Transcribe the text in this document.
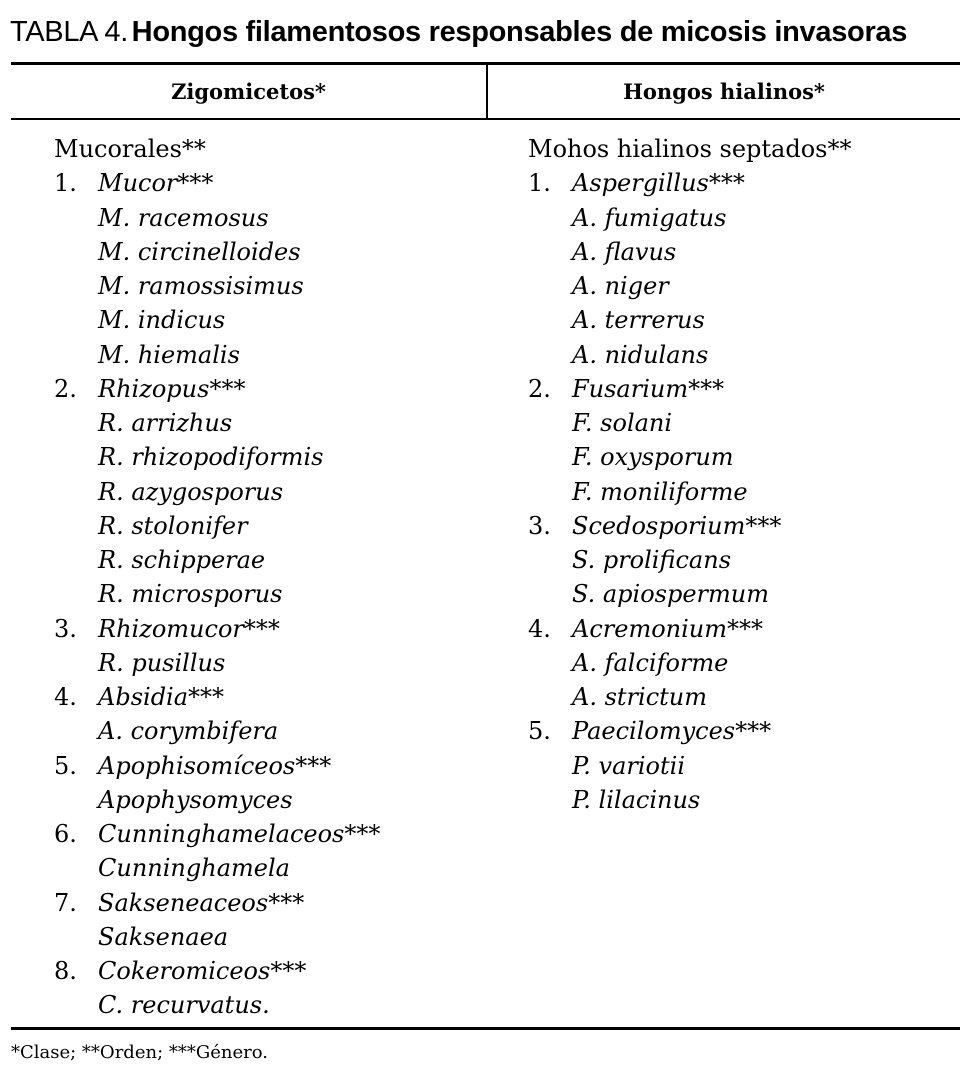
TABLA 4. Hongos filamentosos responsables de micosis invasoras
Zigomicetos*	Hongos hialinos*
Mucorales**
1. Mucor***
M. racemosus
M. circinelloides
M. ramossisimus
M. indicus
M. hiemalis
2. Rhizopus***
R. arrizhus
R. rhizopodiformis
R. azygosporus
R. stolonifer
R. schipperae
R. microsporus
3. Rhizomucor***
R. pusillus
4. Absidia***
A. corymbifera
5. Apophisomíceos***
Apophysomyces
6. Cunninghamelaceos***
Cunninghamela
7. Sakseneaceos***
Saksenaea
8. Cokeromiceos***
C. recurvatus.
Mohos hialinos septados**
1. Aspergillus***
A. fumigatus
A. flavus
A. niger
A. terrerus
A. nidulans
2. Fusarium***
F. solani
F. oxysporum
F. moniliforme
3. Scedosporium***
S. prolificans
S. apiospermum
4. Acremonium***
A. falciforme
A. strictum
5. Paecilomyces***
P. variotii
P. lilacinus
*Clase; **Orden; ***Género.
